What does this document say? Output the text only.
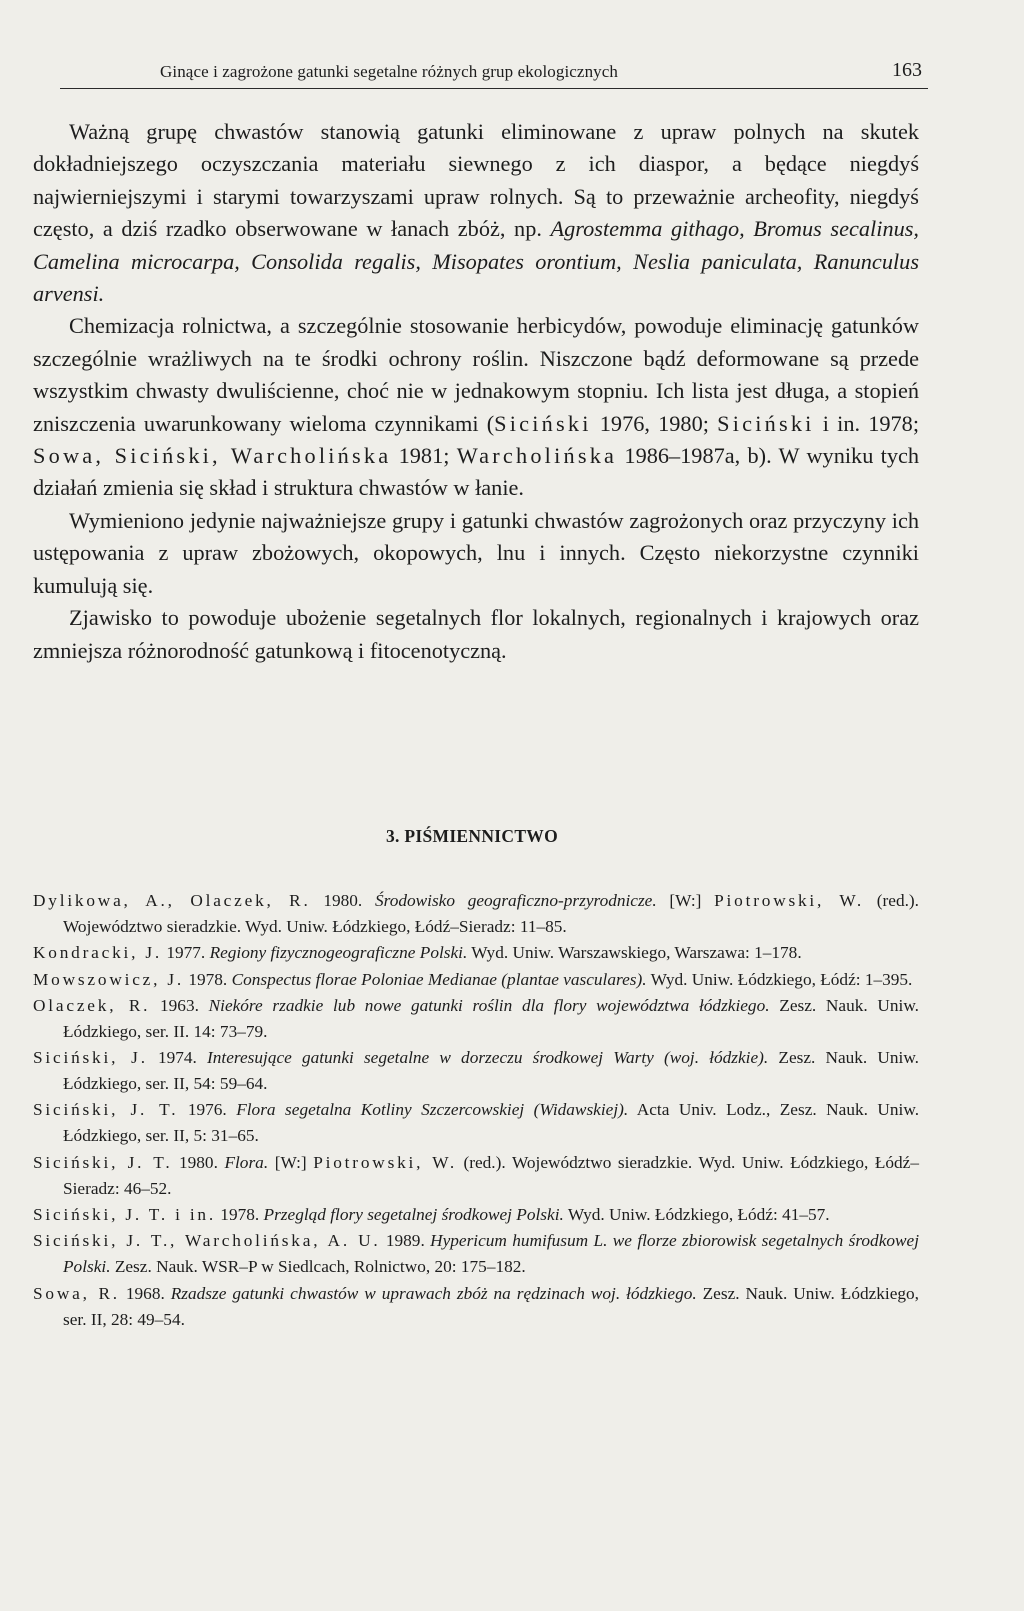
Ginące i zagrożone gatunki segetalne różnych grup ekologicznych	163

Ważną grupę chwastów stanowią gatunki eliminowane z upraw polnych na skutek dokładniejszego oczyszczania materiału siewnego z ich diaspor, a będące niegdyś najwierniejszymi i starymi towarzyszami upraw rolnych. Są to przeważnie archeofity, niegdyś często, a dziś rzadko obserwowane w łanach zbóż, np. Agrostemma githago, Bromus secalinus, Camelina microcarpa, Consolida regalis, Misopates orontium, Neslia paniculata, Ranunculus arvensi.

Chemizacja rolnictwa, a szczególnie stosowanie herbicydów, powoduje eliminację gatunków szczególnie wrażliwych na te środki ochrony roślin. Niszczone bądź deformowane są przede wszystkim chwasty dwuliścienne, choć nie w jednakowym stopniu. Ich lista jest długa, a stopień zniszczenia uwarunkowany wieloma czynnikami (Siciński 1976, 1980; Siciński i in. 1978; Sowa, Siciński, Warcholińska 1981; Warcholińska 1986–1987a, b). W wyniku tych działań zmienia się skład i struktura chwastów w łanie.

Wymieniono jedynie najważniejsze grupy i gatunki chwastów zagrożonych oraz przyczyny ich ustępowania z upraw zbożowych, okopowych, lnu i innych. Często niekorzystne czynniki kumulują się.

Zjawisko to powoduje ubożenie segetalnych flor lokalnych, regionalnych i krajowych oraz zmniejsza różnorodność gatunkową i fitocenotyczną.

3. PIŚMIENNICTWO

Dylikowa, A., Olaczek, R. 1980. Środowisko geograficzno-przyrodnicze. [W:] Piotrowski, W. (red.). Województwo sieradzkie. Wyd. Uniw. Łódzkiego, Łódź–Sieradz: 11–85.

Kondracki, J. 1977. Regiony fizycznogeograficzne Polski. Wyd. Uniw. Warszawskiego, Warszawa: 1–178.

Mowszowicz, J. 1978. Conspectus florae Poloniae Medianae (plantae vasculares). Wyd. Uniw. Łódzkiego, Łódź: 1–395.

Olaczek, R. 1963. Niekóre rzadkie lub nowe gatunki roślin dla flory województwa łódzkiego. Zesz. Nauk. Uniw. Łódzkiego, ser. II. 14: 73–79.

Siciński, J. 1974. Interesujące gatunki segetalne w dorzeczu środkowej Warty (woj. łódzkie). Zesz. Nauk. Uniw. Łódzkiego, ser. II, 54: 59–64.

Siciński, J. T. 1976. Flora segetalna Kotliny Szczercowskiej (Widawskiej). Acta Univ. Lodz., Zesz. Nauk. Uniw. Łódzkiego, ser. II, 5: 31–65.

Siciński, J. T. 1980. Flora. [W:] Piotrowski, W. (red.). Województwo sieradzkie. Wyd. Uniw. Łódzkiego, Łódź–Sieradz: 46–52.

Siciński, J. T. i in. 1978. Przegląd flory segetalnej środkowej Polski. Wyd. Uniw. Łódzkiego, Łódź: 41–57.

Siciński, J. T., Warcholińska, A. U. 1989. Hypericum humifusum L. we florze zbiorowisk segetalnych środkowej Polski. Zesz. Nauk. WSR–P w Siedlcach, Rolnictwo, 20: 175–182.

Sowa, R. 1968. Rzadsze gatunki chwastów w uprawach zbóż na rędzinach woj. łódzkiego. Zesz. Nauk. Uniw. Łódzkiego, ser. II, 28: 49–54.
